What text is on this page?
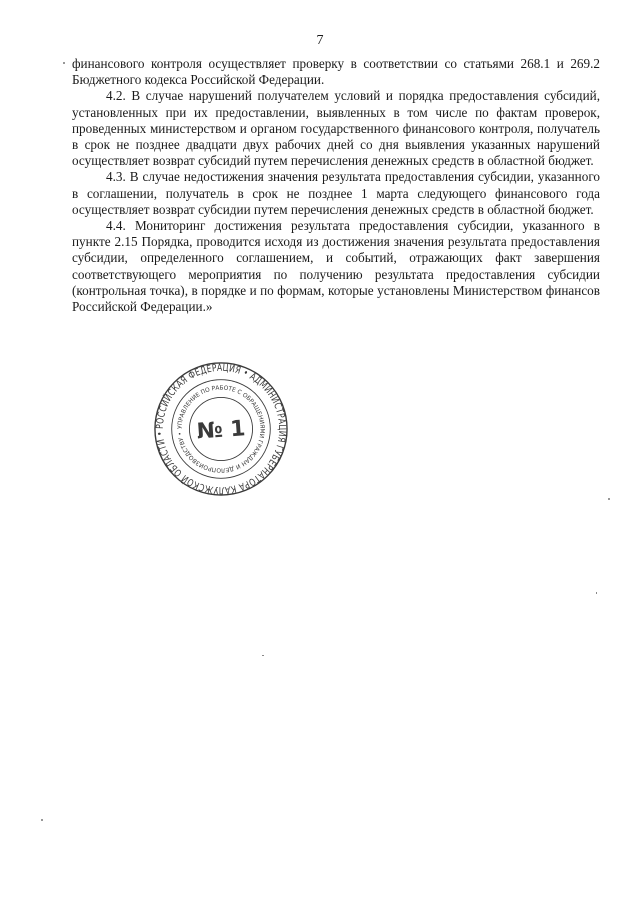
7

финансового контроля осуществляет проверку в соответствии со статьями 268.1 и 269.2 Бюджетного кодекса Российской Федерации.

4.2. В случае нарушений получателем условий и порядка предоставления субсидий, установленных при их предоставлении, выявленных в том числе по фактам проверок, проведенных министерством и органом государственного финансового контроля, получатель в срок не позднее двадцати двух рабочих дней со дня выявления указанных нарушений осуществляет возврат субсидий путем перечисления денежных средств в областной бюджет.

4.3. В случае недостижения значения результата предоставления субсидии, указанного в соглашении, получатель в срок не позднее 1 марта следующего финансового года осуществляет возврат субсидии путем перечисления денежных средств в областной бюджет.

4.4. Мониторинг достижения результата предоставления субсидии, указанного в пункте 2.15 Порядка, проводится исходя из достижения значения результата предоставления субсидии, определенного соглашением, и событий, отражающих факт завершения соответствующего мероприятия по получению результата предоставления субсидии (контрольная точка), в порядке и по формам, которые установлены Министерством финансов Российской Федерации.»

РОССИЙСКАЯ ФЕДЕРАЦИЯ • АДМИНИСТРАЦИЯ ГУБЕРНАТОРА КАЛУЖСКОЙ ОБЛАСТИ •
УПРАВЛЕНИЕ ПО РАБОТЕ С ОБРАЩЕНИЯМИ ГРАЖДАН И ДЕЛОПРОИЗВОДСТВУ • № 1
